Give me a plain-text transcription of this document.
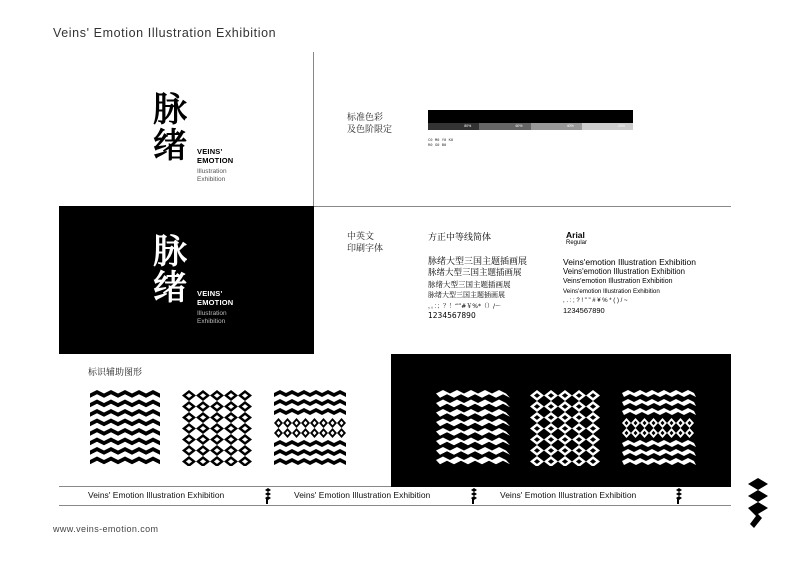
Veins' Emotion Illustration Exhibition
脉
绪	VEINS'
EMOTION
Illustration
Exhibition
脉
绪	VEINS'
EMOTION
Illustration
Exhibition
标准色彩
及色阶限定	80%	60%	40%	20%
C0 M0 Y0 K0
R0 G0 B0
中英文
印刷字体
方正中等线简体
脉绪大型三国主题插画展
脉绪大型三国主题插画展
脉绪大型三国主题插画展
脉绪大型三国主题插画展
，。：；？！“”#￥%*（）/～
1234567890
Arial
Regular
Veins'emotion Illustration Exhibition
Veins'emotion Illustration Exhibition
Veins'emotion Illustration Exhibition
Veins'emotion Illustration Exhibition
, . : ; ? ! " " # ¥ % * ( ) / ~
1234567890
标识辅助图形
Veins' Emotion Illustration Exhibition	Veins' Emotion Illustration Exhibition	Veins' Emotion Illustration Exhibition
www.veins-emotion.com
